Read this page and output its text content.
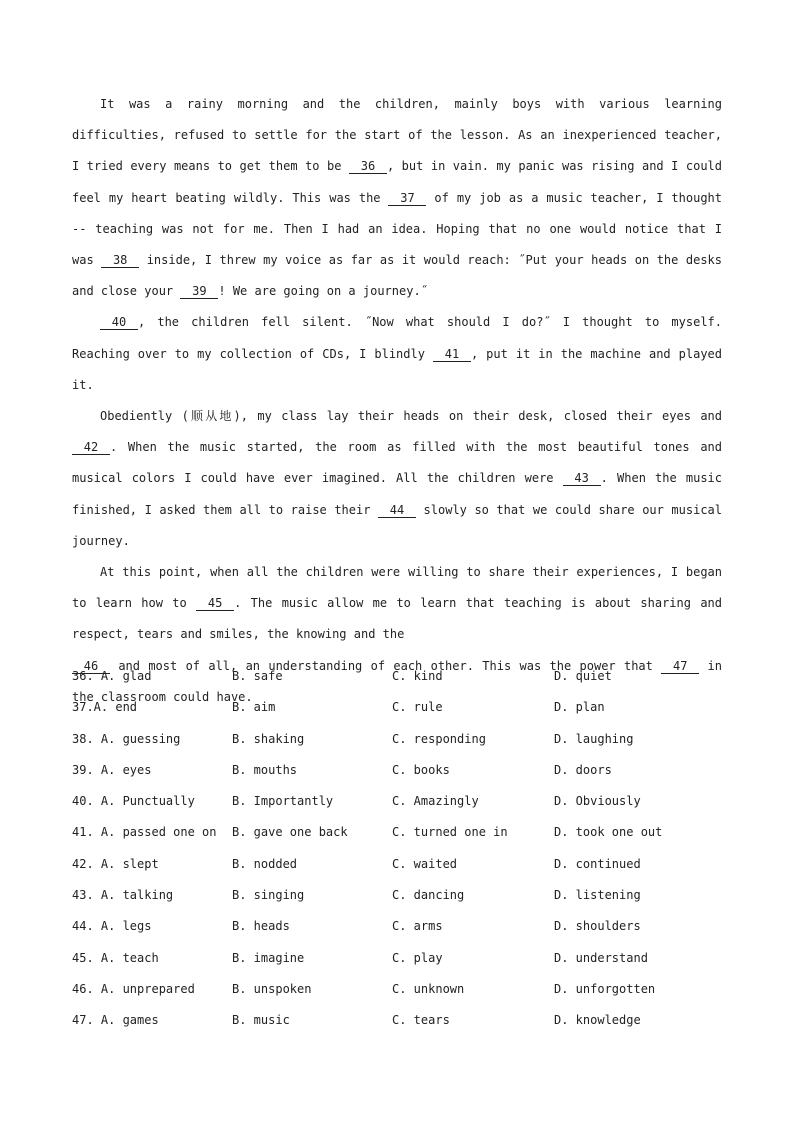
It was a rainy morning and the children, mainly boys with various learning difficulties, refused to settle for the start of the lesson. As an inexperienced teacher, I tried every means to get them to be 36 , but in vain. my panic was rising and I could feel my heart beating wildly. This was the 37 of my job as a music teacher, I thought -- teaching was not for me. Then I had an idea. Hoping that no one would notice that I was 38 inside, I threw my voice as far as it would reach: ˝Put your heads on the desks and close your 39 ! We are going on a journey.˝

40 , the children fell silent. ˝Now what should I do?˝ I thought to myself. Reaching over to my collection of CDs, I blindly 41 , put it in the machine and played it.

Obediently (顺从地), my class lay their heads on their desk, closed their eyes and 42 . When the music started, the room as filled with the most beautiful tones and musical colors I could have ever imagined. All the children were 43 . When the music finished, I asked them all to raise their 44 slowly so that we could share our musical journey.

At this point, when all the children were willing to share their experiences, I began to learn how to 45 . The music allow me to learn that teaching is about sharing and respect, tears and smiles, the knowing and the
46 and most of all, an understanding of each other. This was the power that 47 in the classroom could have.

36. A. glad	B. safe	C. kind	D. quiet
37.A. end	B. aim	C. rule	D. plan
38. A. guessing	B. shaking	C. responding	D. laughing
39. A. eyes	B. mouths	C. books	D. doors
40. A. Punctually	B. Importantly	C. Amazingly	D. Obviously
41. A. passed one on B. gave one back	C. turned one in	D. took one out
42. A. slept	B. nodded	C. waited	D. continued
43. A. talking	B. singing	C. dancing	D. listening
44. A. legs	B. heads	C. arms	D. shoulders
45. A. teach	B. imagine	C. play	D. understand
46. A. unprepared	B. unspoken	C. unknown	D. unforgotten
47. A. games	B. music	C. tears	D. knowledge
